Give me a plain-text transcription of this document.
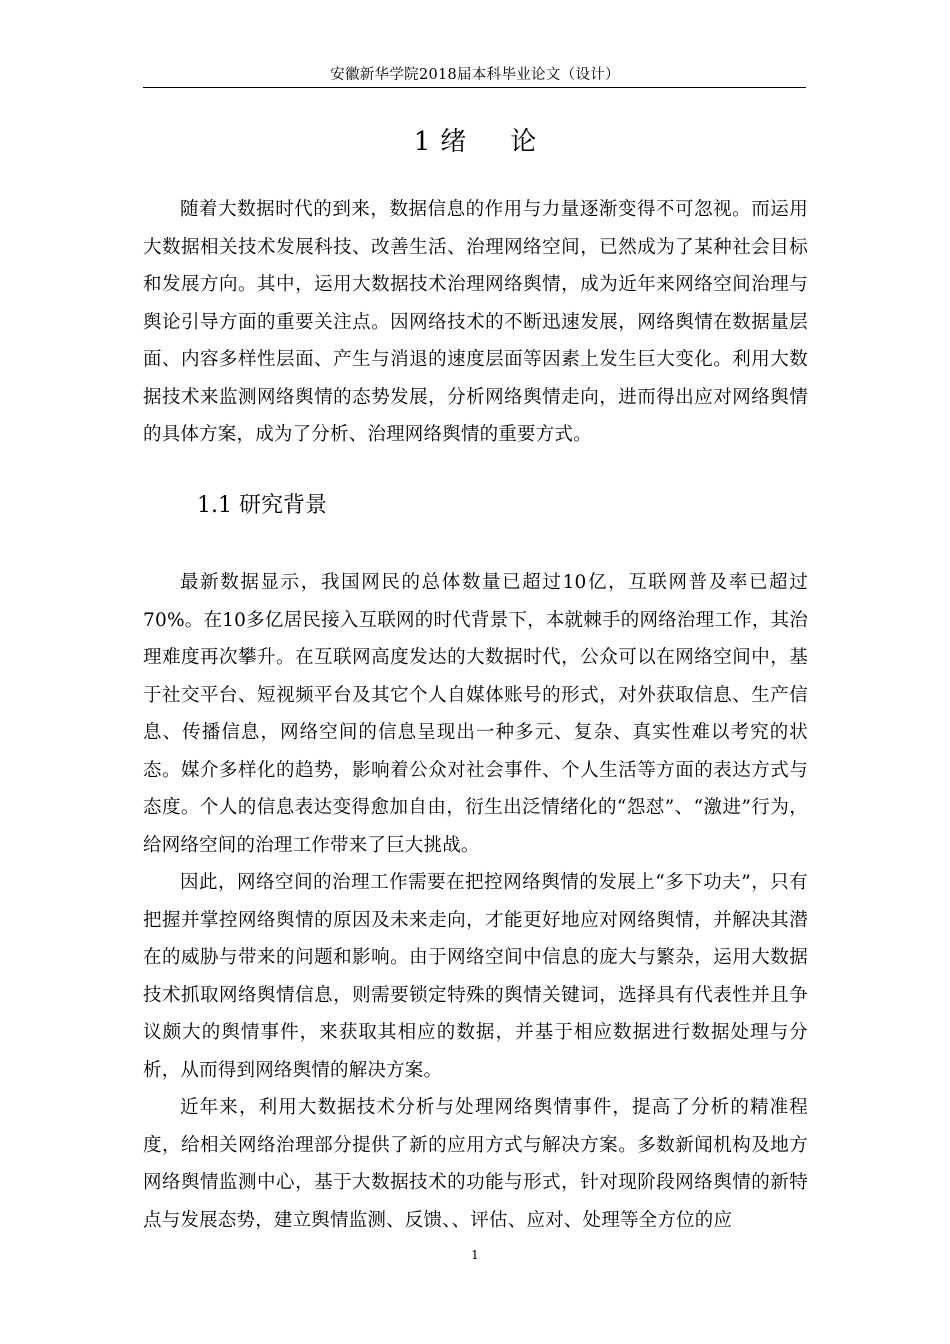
安徽新华学院2018届本科毕业论文（设计）
1 绪 论

随着大数据时代的到来，数据信息的作用与力量逐渐变得不可忽视。而运用大数据相关技术发展科技、改善生活、治理网络空间，已然成为了某种社会目标和发展方向。其中，运用大数据技术治理网络舆情，成为近年来网络空间治理与舆论引导方面的重要关注点。因网络技术的不断迅速发展，网络舆情在数据量层面、内容多样性层面、产生与消退的速度层面等因素上发生巨大变化。利用大数据技术来监测网络舆情的态势发展，分析网络舆情走向，进而得出应对网络舆情的具体方案，成为了分析、治理网络舆情的重要方式。

1.1 研究背景

最新数据显示，我国网民的总体数量已超过10亿，互联网普及率已超过70%。在10多亿居民接入互联网的时代背景下，本就棘手的网络治理工作，其治理难度再次攀升。在互联网高度发达的大数据时代，公众可以在网络空间中，基于社交平台、短视频平台及其它个人自媒体账号的形式，对外获取信息、生产信息、传播信息，网络空间的信息呈现出一种多元、复杂、真实性难以考究的状态。媒介多样化的趋势，影响着公众对社会事件、个人生活等方面的表达方式与态度。个人的信息表达变得愈加自由，衍生出泛情绪化的“怨怼”、“激进”行为，给网络空间的治理工作带来了巨大挑战。

因此，网络空间的治理工作需要在把控网络舆情的发展上“多下功夫”，只有把握并掌控网络舆情的原因及未来走向，才能更好地应对网络舆情，并解决其潜在的威胁与带来的问题和影响。由于网络空间中信息的庞大与繁杂，运用大数据技术抓取网络舆情信息，则需要锁定特殊的舆情关键词，选择具有代表性并且争议颇大的舆情事件，来获取其相应的数据，并基于相应数据进行数据处理与分析，从而得到网络舆情的解决方案。

近年来，利用大数据技术分析与处理网络舆情事件，提高了分析的精准程度，给相关网络治理部分提供了新的应用方式与解决方案。多数新闻机构及地方网络舆情监测中心，基于大数据技术的功能与形式，针对现阶段网络舆情的新特点与发展态势，建立舆情监测、反馈、、评估、应对、处理等全方位的应

1
